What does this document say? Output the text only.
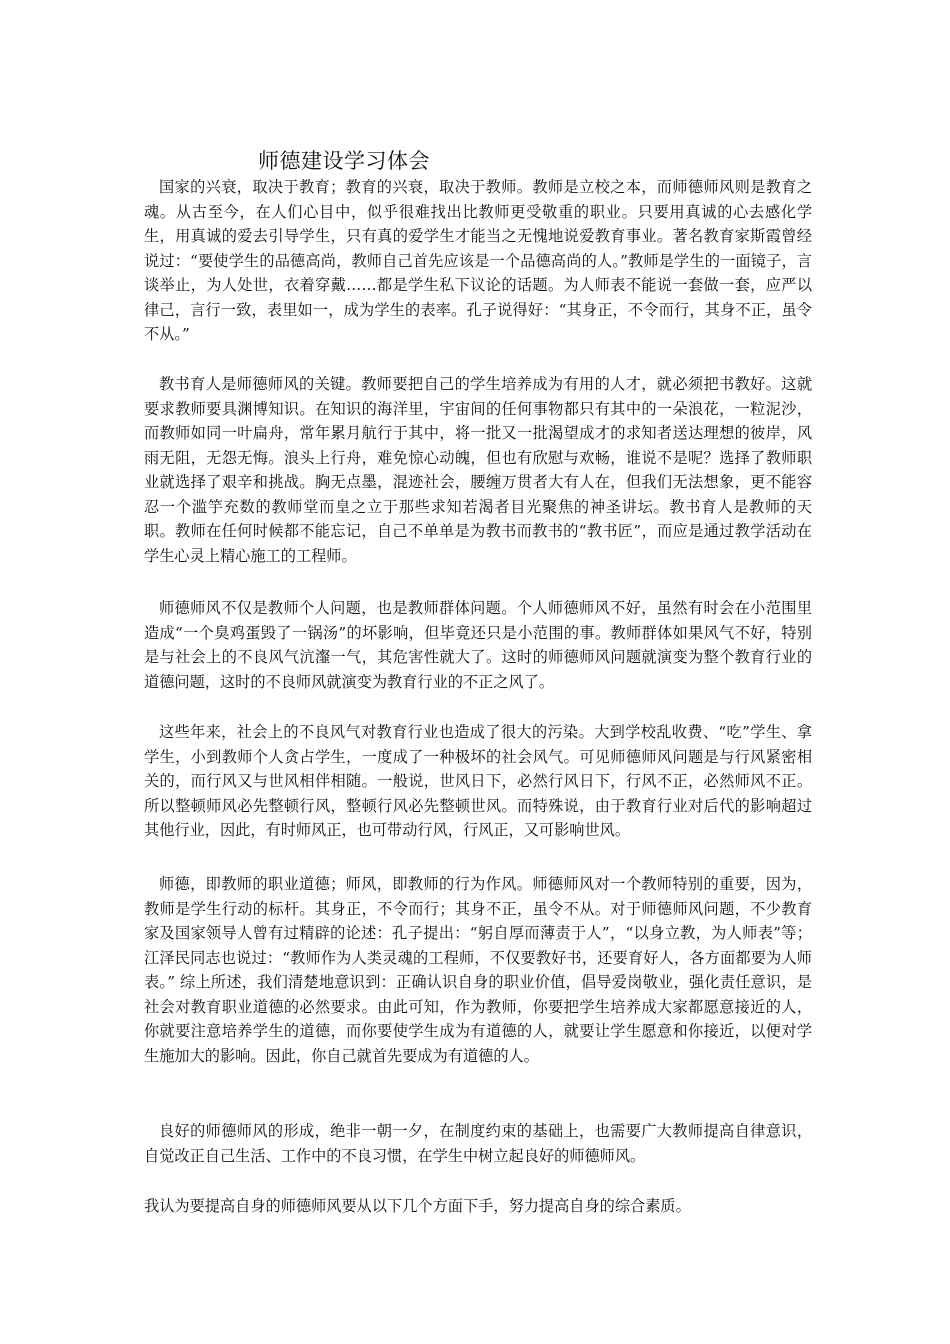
师德建设学习体会

国家的兴衰，取决于教育；教育的兴衰，取决于教师。教师是立校之本，而师德师风则是教育之魂。从古至今，在人们心目中，似乎很难找出比教师更受敬重的职业。只要用真诚的心去感化学生，用真诚的爱去引导学生，只有真的爱学生才能当之无愧地说爱教育事业。著名教育家斯霞曾经说过：“要使学生的品德高尚，教师自己首先应该是一个品德高尚的人。”教师是学生的一面镜子，言谈举止，为人处世，衣着穿戴……都是学生私下议论的话题。为人师表不能说一套做一套，应严以律己，言行一致，表里如一，成为学生的表率。孔子说得好：“其身正，不令而行，其身不正，虽令不从。”

教书育人是师德师风的关键。教师要把自己的学生培养成为有用的人才，就必须把书教好。这就要求教师要具渊博知识。在知识的海洋里，宇宙间的任何事物都只有其中的一朵浪花，一粒泥沙，而教师如同一叶扁舟，常年累月航行于其中，将一批又一批渴望成才的求知者送达理想的彼岸，风雨无阻，无怨无悔。浪头上行舟，难免惊心动魄，但也有欣慰与欢畅，谁说不是呢？选择了教师职业就选择了艰辛和挑战。胸无点墨，混迹社会，腰缠万贯者大有人在，但我们无法想象，更不能容忍一个滥竽充数的教师堂而皇之立于那些求知若渴者目光聚焦的神圣讲坛。教书育人是教师的天职。教师在任何时候都不能忘记，自己不单单是为教书而教书的“教书匠”，而应是通过教学活动在学生心灵上精心施工的工程师。

师德师风不仅是教师个人问题，也是教师群体问题。个人师德师风不好，虽然有时会在小范围里造成“一个臭鸡蛋毁了一锅汤”的坏影响，但毕竟还只是小范围的事。教师群体如果风气不好，特别是与社会上的不良风气沆瀣一气，其危害性就大了。这时的师德师风问题就演变为整个教育行业的道德问题，这时的不良师风就演变为教育行业的不正之风了。

这些年来，社会上的不良风气对教育行业也造成了很大的污染。大到学校乱收费、“吃”学生、拿学生，小到教师个人贪占学生，一度成了一种极坏的社会风气。可见师德师风问题是与行风紧密相关的，而行风又与世风相伴相随。一般说，世风日下，必然行风日下，行风不正，必然师风不正。所以整顿师风必先整顿行风，整顿行风必先整顿世风。而特殊说，由于教育行业对后代的影响超过其他行业，因此，有时师风正，也可带动行风，行风正，又可影响世风。

师德，即教师的职业道德；师风，即教师的行为作风。师德师风对一个教师特别的重要，因为，教师是学生行动的标杆。其身正，不令而行；其身不正，虽令不从。对于师德师风问题，不少教育家及国家领导人曾有过精辟的论述：孔子提出：“躬自厚而薄责于人”，“以身立教，为人师表”等；江泽民同志也说过：“教师作为人类灵魂的工程师，不仅要教好书，还要育好人，各方面都要为人师表。” 综上所述，我们清楚地意识到：正确认识自身的职业价值，倡导爱岗敬业，强化责任意识，是社会对教育职业道德的必然要求。由此可知，作为教师，你要把学生培养成大家都愿意接近的人，你就要注意培养学生的道德，而你要使学生成为有道德的人，就要让学生愿意和你接近，以便对学生施加大的影响。因此，你自己就首先要成为有道德的人。

良好的师德师风的形成，绝非一朝一夕，在制度约束的基础上，也需要广大教师提高自律意识，自觉改正自己生活、工作中的不良习惯，在学生中树立起良好的师德师风。

我认为要提高自身的师德师风要从以下几个方面下手，努力提高自身的综合素质。
